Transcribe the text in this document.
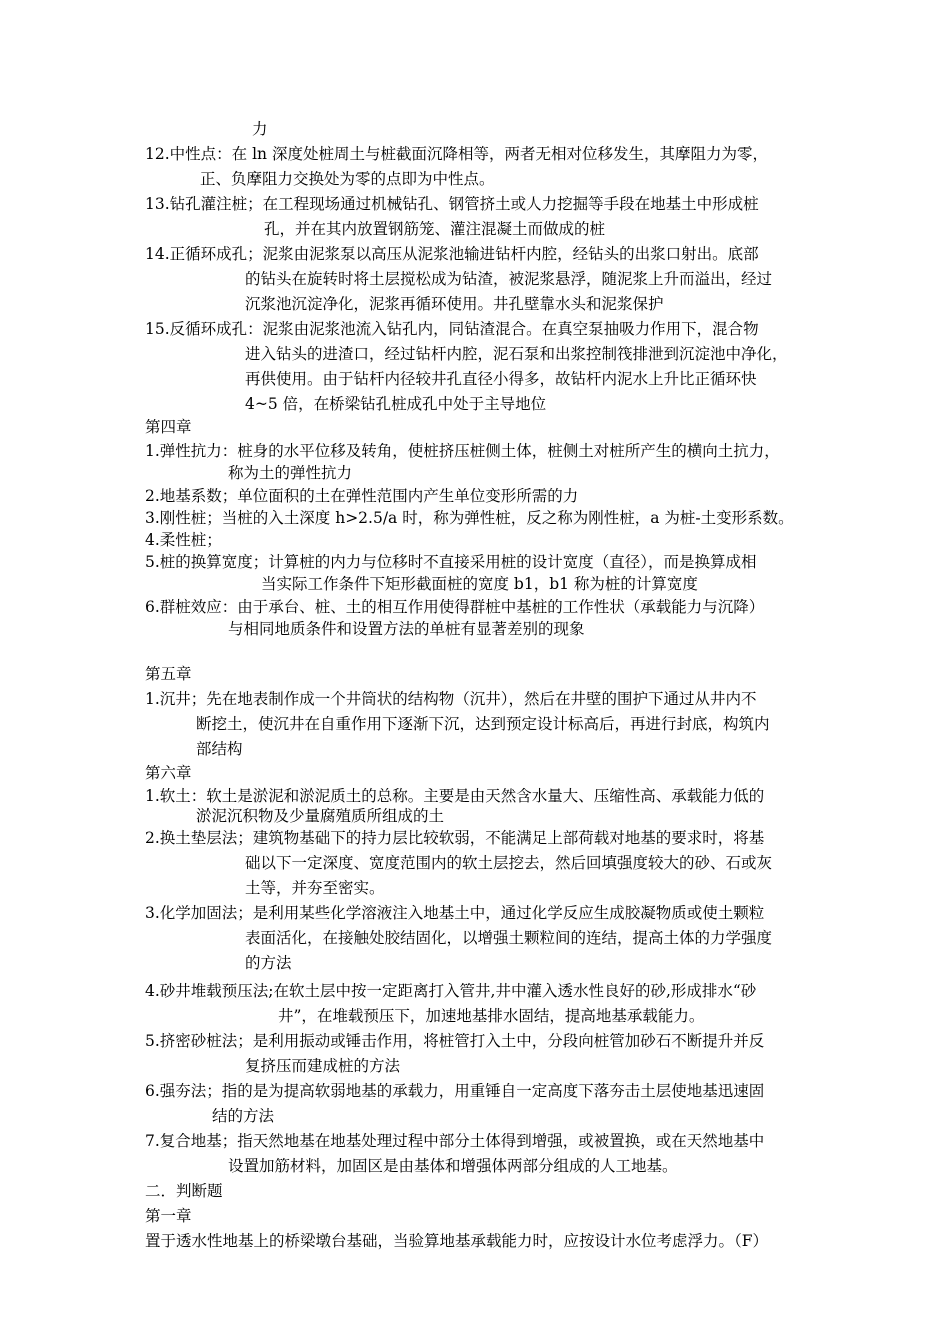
力
12.中性点：在 ln 深度处桩周土与桩截面沉降相等，两者无相对位移发生，其摩阻力为零，
正、负摩阻力交换处为零的点即为中性点。
13.钻孔灌注桩；在工程现场通过机械钻孔、钢管挤土或人力挖掘等手段在地基土中形成桩
孔，并在其内放置钢筋笼、灌注混凝土而做成的桩
14.正循环成孔；泥浆由泥浆泵以高压从泥浆池输进钻杆内腔，经钻头的出浆口射出。底部
的钻头在旋转时将土层搅松成为钻渣，被泥浆悬浮，随泥浆上升而溢出，经过
沉浆池沉淀净化，泥浆再循环使用。井孔壁靠水头和泥浆保护
15.反循环成孔：泥浆由泥浆池流入钻孔内，同钻渣混合。在真空泵抽吸力作用下，混合物
进入钻头的进渣口，经过钻杆内腔，泥石泵和出浆控制筏排泄到沉淀池中净化，
再供使用。由于钻杆内径较井孔直径小得多，故钻杆内泥水上升比正循环快
4~5 倍，在桥梁钻孔桩成孔中处于主导地位
第四章
1.弹性抗力：桩身的水平位移及转角，使桩挤压桩侧土体，桩侧土对桩所产生的横向土抗力，
称为土的弹性抗力
2.地基系数；单位面积的土在弹性范围内产生单位变形所需的力
3.刚性桩；当桩的入土深度 h>2.5/a 时，称为弹性桩，反之称为刚性桩，a 为桩-土变形系数。
4.柔性桩；
5.桩的换算宽度；计算桩的内力与位移时不直接采用桩的设计宽度（直径），而是换算成相
当实际工作条件下矩形截面桩的宽度 b1，b1 称为桩的计算宽度
6.群桩效应：由于承台、桩、土的相互作用使得群桩中基桩的工作性状（承载能力与沉降）
与相同地质条件和设置方法的单桩有显著差别的现象
第五章
1.沉井；先在地表制作成一个井筒状的结构物（沉井），然后在井壁的围护下通过从井内不
断挖土，使沉井在自重作用下逐渐下沉，达到预定设计标高后，再进行封底，构筑内
部结构
第六章
1.软土：软土是淤泥和淤泥质土的总称。主要是由天然含水量大、压缩性高、承载能力低的
淤泥沉积物及少量腐殖质所组成的土
2.换土垫层法；建筑物基础下的持力层比较软弱，不能满足上部荷载对地基的要求时，将基
础以下一定深度、宽度范围内的软土层挖去，然后回填强度较大的砂、石或灰
土等，并夯至密实。
3.化学加固法；是利用某些化学溶液注入地基土中，通过化学反应生成胶凝物质或使土颗粒
表面活化，在接触处胶结固化，以增强土颗粒间的连结，提高土体的力学强度
的方法
4.砂井堆载预压法;在软土层中按一定距离打入管井,井中灌入透水性良好的砂,形成排水“砂
井”，在堆载预压下，加速地基排水固结，提高地基承载能力。
5.挤密砂桩法；是利用振动或锤击作用，将桩管打入土中，分段向桩管加砂石不断提升并反
复挤压而建成桩的方法
6.强夯法；指的是为提高软弱地基的承载力，用重锤自一定高度下落夯击土层使地基迅速固
结的方法
7.复合地基；指天然地基在地基处理过程中部分土体得到增强，或被置换，或在天然地基中
设置加筋材料，加固区是由基体和增强体两部分组成的人工地基。
二．判断题
第一章
置于透水性地基上的桥梁墩台基础，当验算地基承载能力时，应按设计水位考虑浮力。（F）
